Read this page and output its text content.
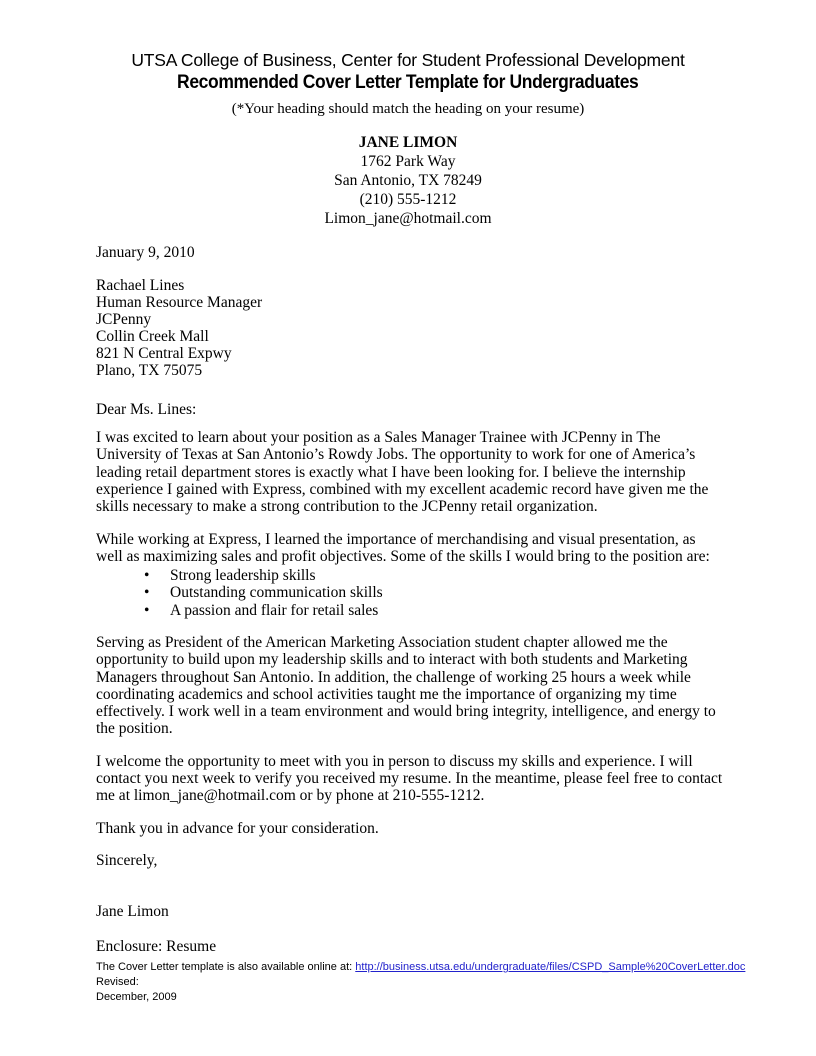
UTSA College of Business, Center for Student Professional Development
Recommended Cover Letter Template for Undergraduates
(*Your heading should match the heading on your resume)
JANE LIMON
1762 Park Way
San Antonio, TX 78249
(210) 555-1212
Limon_jane@hotmail.com
January 9, 2010
Rachael Lines
Human Resource Manager
JCPenny
Collin Creek Mall
821 N Central Expwy
Plano, TX 75075
Dear Ms. Lines:

I was excited to learn about your position as a Sales Manager Trainee with JCPenny in The University of Texas at San Antonio’s Rowdy Jobs. The opportunity to work for one of America’s leading retail department stores is exactly what I have been looking for. I believe the internship experience I gained with Express, combined with my excellent academic record have given me the skills necessary to make a strong contribution to the JCPenny retail organization.

While working at Express, I learned the importance of merchandising and visual presentation, as well as maximizing sales and profit objectives. Some of the skills I would bring to the position are:

• Strong leadership skills
• Outstanding communication skills
• A passion and flair for retail sales

Serving as President of the American Marketing Association student chapter allowed me the opportunity to build upon my leadership skills and to interact with both students and Marketing Managers throughout San Antonio. In addition, the challenge of working 25 hours a week while coordinating academics and school activities taught me the importance of organizing my time effectively. I work well in a team environment and would bring integrity, intelligence, and energy to the position.

I welcome the opportunity to meet with you in person to discuss my skills and experience. I will contact you next week to verify you received my resume. In the meantime, please feel free to contact me at limon_jane@hotmail.com or by phone at 210-555-1212.

Thank you in advance for your consideration.

Sincerely,
Jane Limon
Enclosure: Resume
The Cover Letter template is also available online at: http://business.utsa.edu/undergraduate/files/CSPD_Sample%20CoverLetter.doc  Revised:
December, 2009
